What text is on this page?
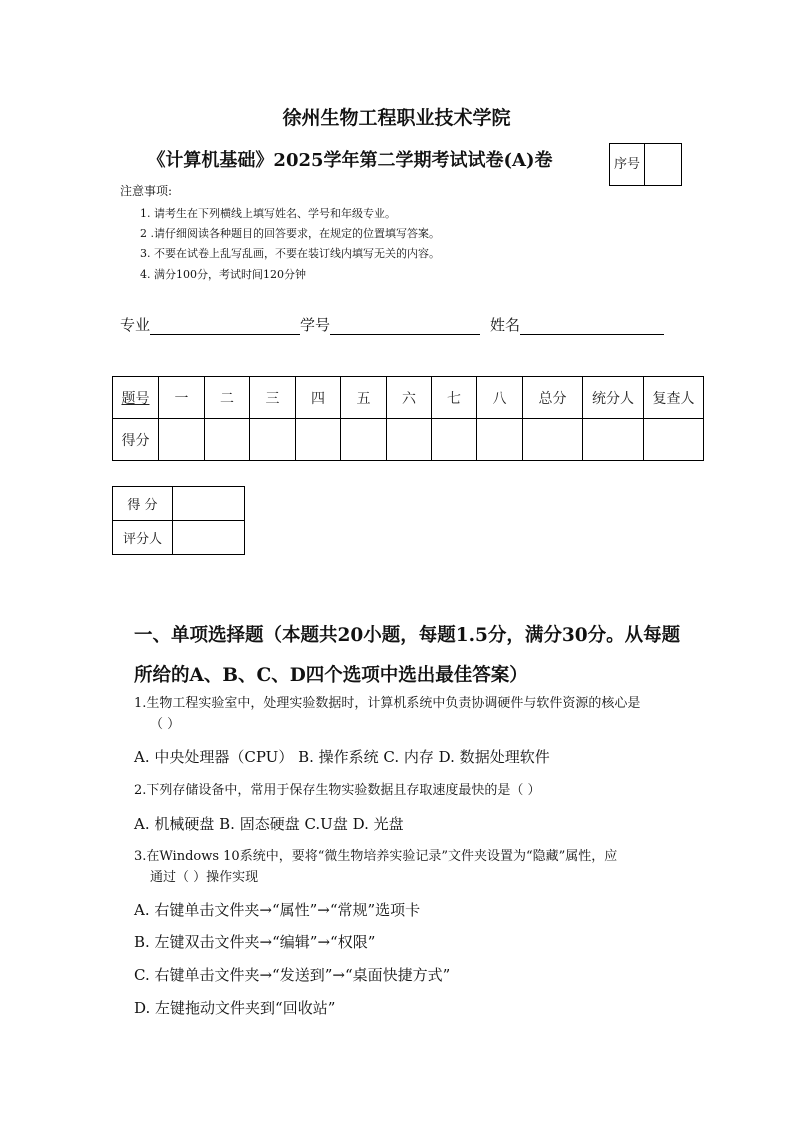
徐州生物工程职业技术学院
《计算机基础》2025学年第二学期考试试卷(A)卷	序号	
注意事项:
1. 请考生在下列横线上填写姓名、学号和年级专业。
2 .请仔细阅读各种题目的回答要求，在规定的位置填写答案。
3. 不要在试卷上乱写乱画，不要在装订线内填写无关的内容。
4. 满分100分，考试时间120分钟
专业	学号	姓名
题号	一	二	三	四	五	六	七	八	总分	统分人	复查人
得分											
得 分	
评分人	
一、单项选择题（本题共20小题，每题1.5分，满分30分。从每题所给的A、B、C、D四个选项中选出最佳答案）
1.生物工程实验室中，处理实验数据时，计算机系统中负责协调硬件与软件资源的核心是
（ ）
A. 中央处理器（CPU） B. 操作系统 C. 内存 D. 数据处理软件
2.下列存储设备中，常用于保存生物实验数据且存取速度最快的是（ ）
A. 机械硬盘 B. 固态硬盘 C.U盘 D. 光盘
3.在Windows 10系统中，要将“微生物培养实验记录”文件夹设置为“隐藏”属性，应
通过（ ）操作实现
A. 右键单击文件夹→“属性”→“常规”选项卡
B. 左键双击文件夹→“编辑”→“权限”
C. 右键单击文件夹→“发送到”→“桌面快捷方式”
D. 左键拖动文件夹到“回收站”
